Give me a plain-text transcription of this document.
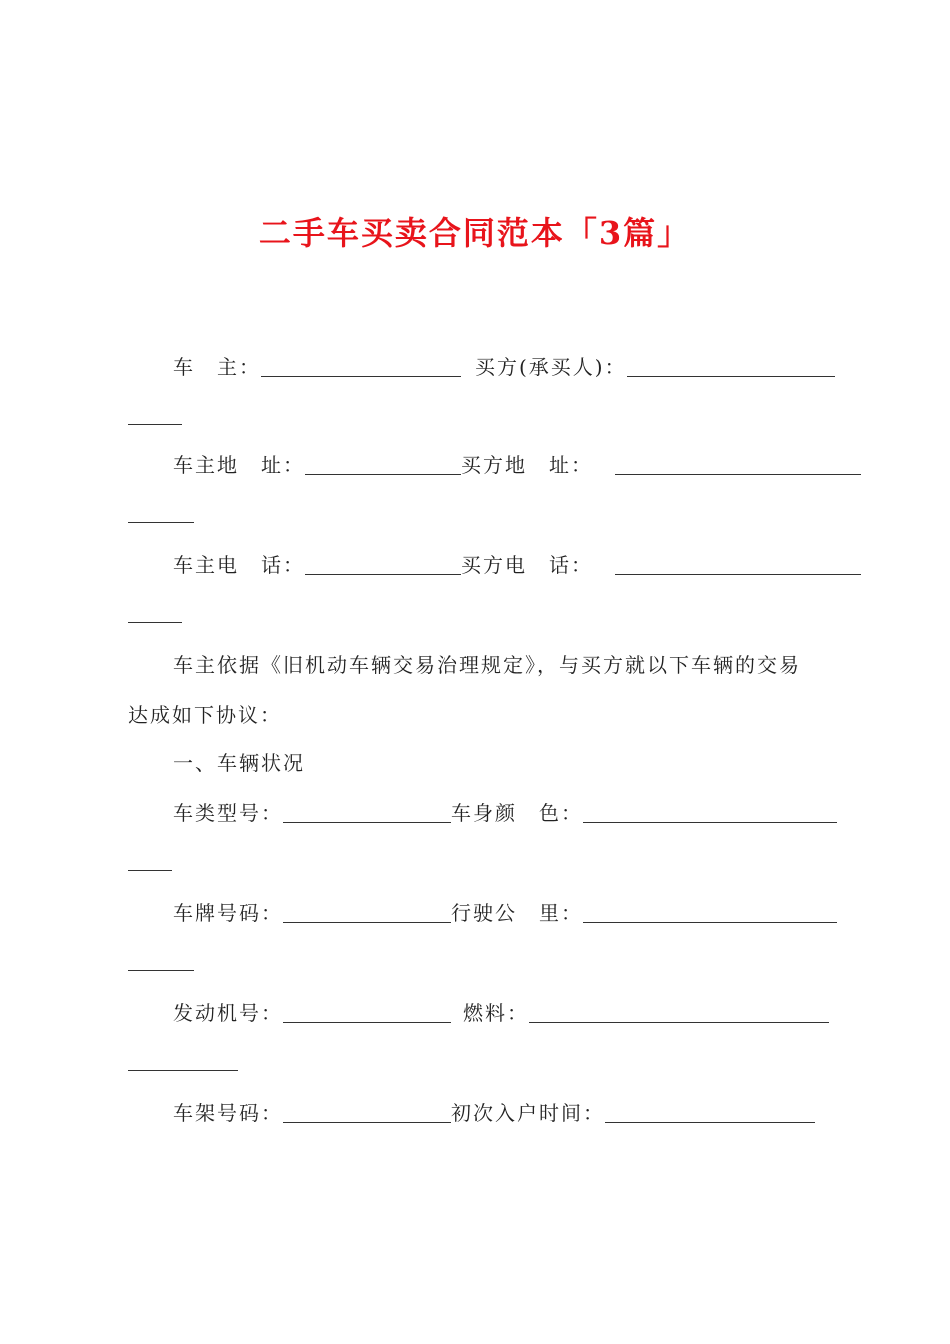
二手车买卖合同范本「3篇」
车　主：	买方(承买人)：
车主地　址：	买方地　址：
车主电　话：	买方电　话：
车主依据《旧机动车辆交易治理规定》，与买方就以下车辆的交易
达成如下协议：
一、车辆状况
车类型号：	车身颜　色：
车牌号码：	行驶公　里：
发动机号：	燃料：
车架号码：	初次入户时间：
